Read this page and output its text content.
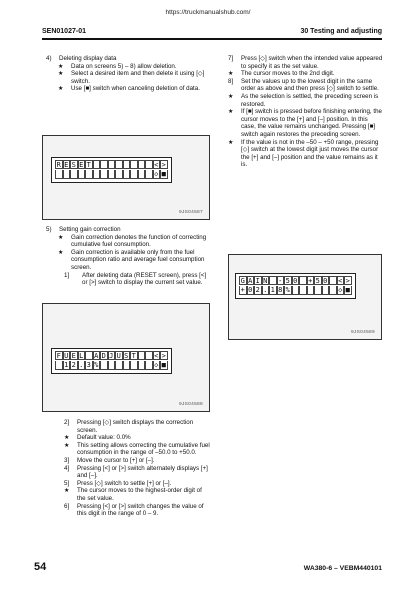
https://truckmanualshub.com/
SEN01027-01	30 Testing and adjusting
4)	Deleting display data
★	Data on screens 5) – 8) allow deletion.
★	Select a desired item and then delete it using [◇] switch.
★	Use [■] switch when canceling deletion of data.
R E S E T	< >
◇ ■
9JS04587
5)	Setting gain correction
★	Gain correction denotes the function of correcting cumulative fuel consumption.
★	Gain correction is available only from the fuel consumption ratio and average fuel consumption screen.
1]	After deleting data (RESET screen), press [<] or [>] switch to display the current set value.
F U E L A D J U S T	< >
1 2 . 3 %	◇ ■
9JS04588
2]	Pressing [◇] switch displays the correction screen.
★	Default value: 0.0%
★	This setting allows correcting the cumulative fuel consumption in the range of –50.0 to +50.0.
3]	Move the cursor to [+] or [–].
4]	Pressing [<] or [>] switch alternately displays [+] and [–].
5]	Press [◇] switch to settle [+] or [–].
★	The cursor moves to the highest-order digit of the set value.
6]	Pressing [<] or [>] switch changes the value of this digit in the range of 0 – 9.
7]	Press [◇] switch when the intended value appeared to specify it as the set value.
★	The cursor moves to the 2nd digit.
8]	Set the values up to the lowest digit in the same order as above and then press [◇] switch to settle.
★	As the selection is settled, the preceding screen is restored.
★	If [■] switch is pressed before finishing entering, the cursor moves to the [+] and [–] position. In this case, the value remains unchanged. Pressing [■] switch again restores the preceding screen.
★	If the value is not in the –50 – +50 range, pressing [◇] switch at the lowest digit just moves the cursor the [+] and [–] position and the value remains as it is.
G A I N - 5 0 + 5 0 < >
+ 0 2 . 1 8 %	◇ ■
9JS04589
54	WA380-6 – VEBM440101
